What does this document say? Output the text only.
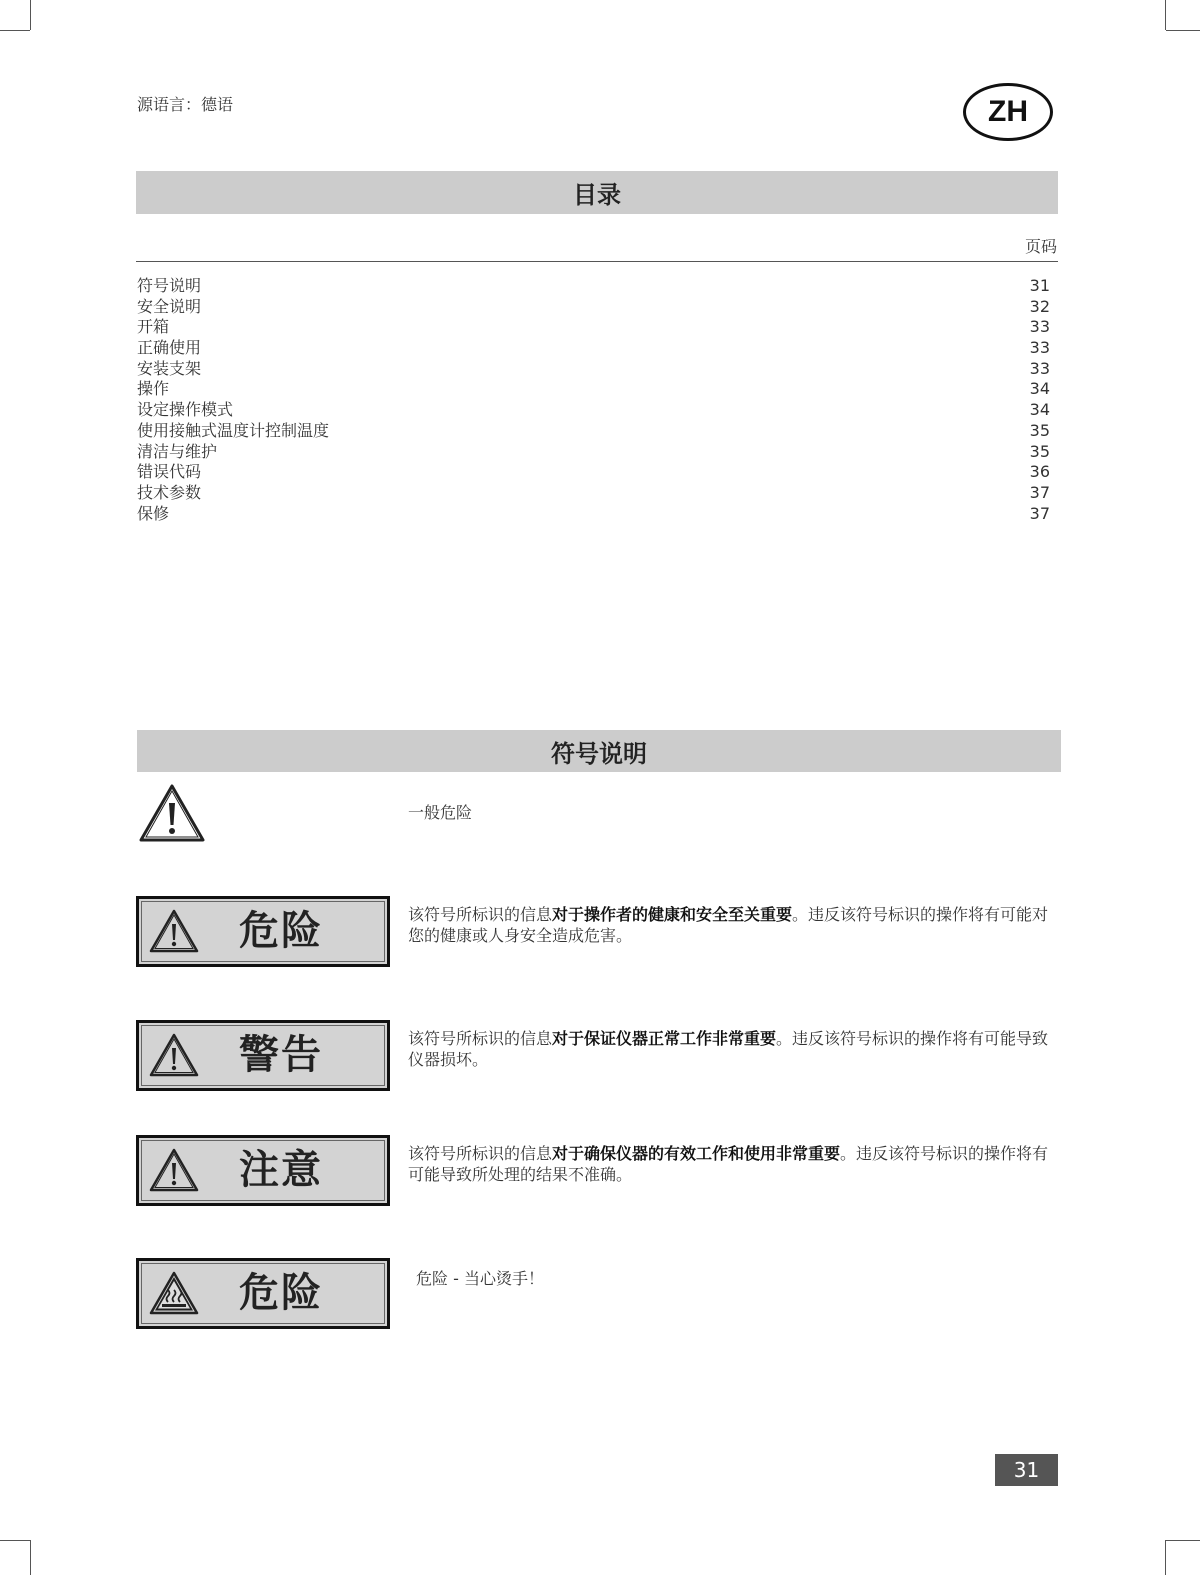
源语言：德语	ZH
目录
页码
符号说明	31
安全说明	32
开箱	33
正确使用	33
安装支架	33
操作	34
设定操作模式	34
使用接触式温度计控制温度	35
清洁与维护	35
错误代码	36
技术参数	37
保修	37
符号说明
一般危险
危险	该符号所标识的信息对于操作者的健康和安全至关重要。违反该符号标识的操作将有可能对您的健康或人身安全造成危害。
警告	该符号所标识的信息对于保证仪器正常工作非常重要。违反该符号标识的操作将有可能导致仪器损坏。
注意	该符号所标识的信息对于确保仪器的有效工作和使用非常重要。违反该符号标识的操作将有可能导致所处理的结果不准确。
危险	危险 - 当心烫手！
31
